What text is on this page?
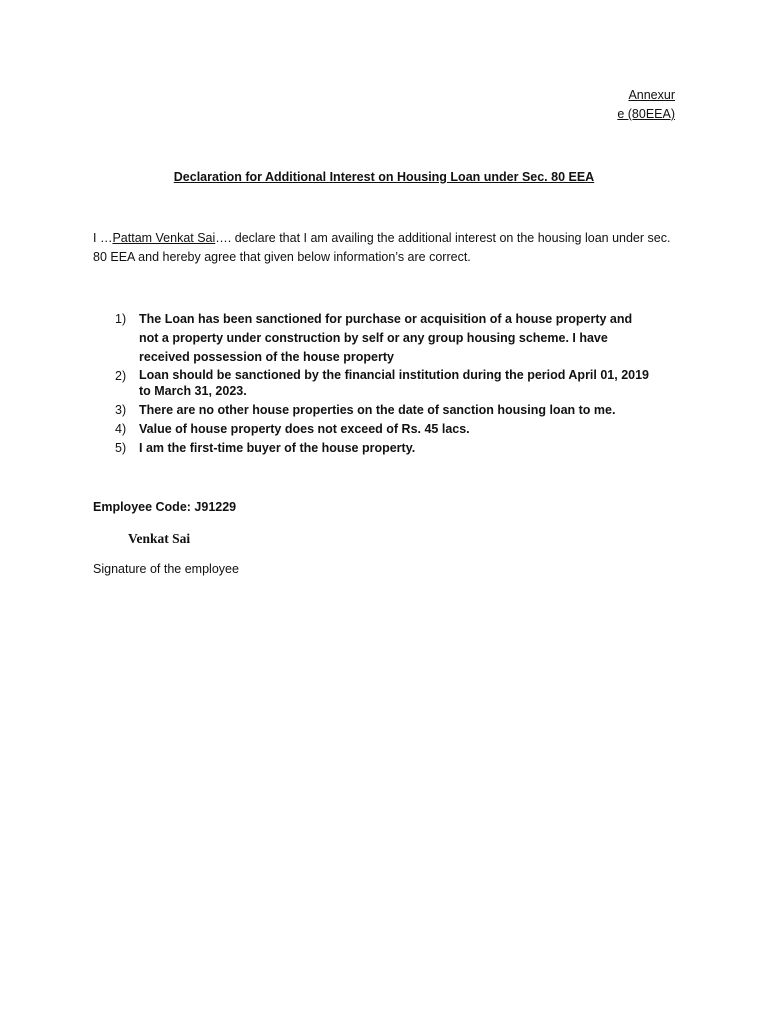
Annexur
e (80EEA)
Declaration for Additional Interest on Housing Loan under Sec. 80 EEA
I …Pattam Venkat Sai…. declare that I am availing the additional interest on the housing loan under sec. 80 EEA and hereby agree that given below information’s are correct.
1)	The Loan has been sanctioned for purchase or acquisition of a house property and not a property under construction by self or any group housing scheme. I have received possession of the house property
2)	Loan should be sanctioned by the financial institution during the period April 01, 2019 to March 31, 2023.
3)	There are no other house properties on the date of sanction housing loan to me.
4)	Value of house property does not exceed of Rs. 45 lacs.
5)	I am the first-time buyer of the house property.
Employee Code: J91229
Venkat Sai
Signature of the employee
